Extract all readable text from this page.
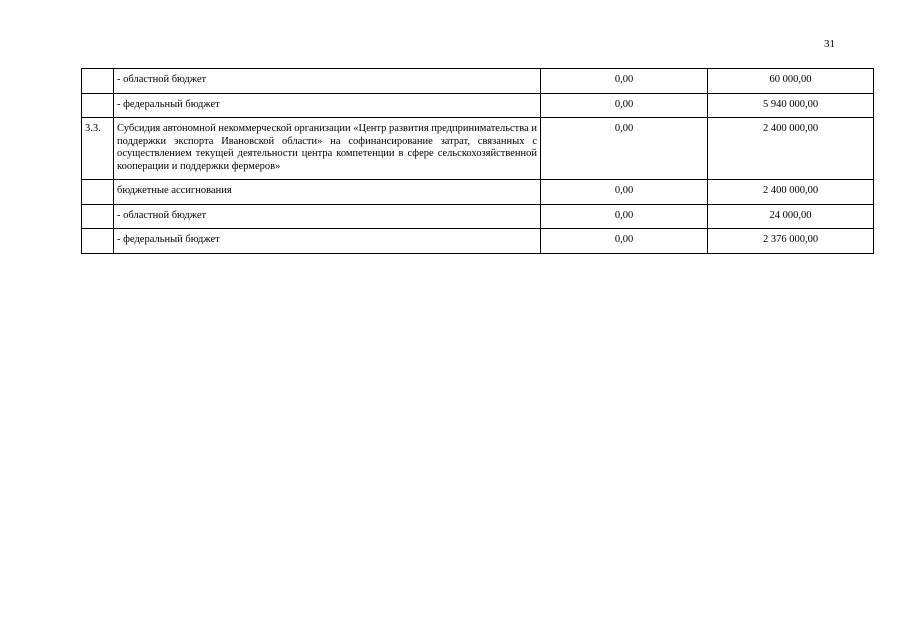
31
	- областной бюджет	0,00	60 000,00
	- федеральный бюджет	0,00	5 940 000,00
3.3.	Субсидия автономной некоммерческой организации «Центр развития предпринимательства и поддержки экспорта Ивановской области» на софинансирование затрат, связанных с осуществлением текущей деятельности центра компетенции в сфере сельскохозяйственной кооперации и поддержки фермеров»	0,00	2 400 000,00
	бюджетные ассигнования	0,00	2 400 000,00
	- областной бюджет	0,00	24 000,00
	- федеральный бюджет	0,00	2 376 000,00
